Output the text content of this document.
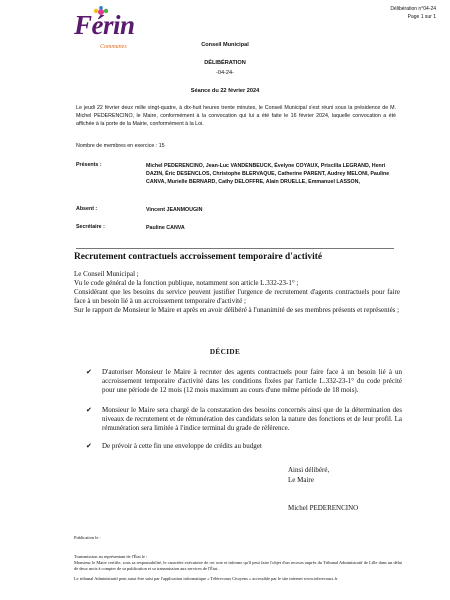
Férin
Communes
Délibération n°04-24
Page 1 sur 1
Conseil Municipal
DÉLIBÉRATION
-04-24-
Séance du 22 février 2024
Le jeudi 22 février deux mille vingt-quatre, à dix-huit heures trente minutes, le Conseil Municipal s'est réuni sous la présidence de M. Michel PEDERENCINO, le Maire, conformément à la convocation qui lui a été faite le 16 février 2024, laquelle convocation a été affichée à la porte de la Mairie, conformément à la Loi.
Nombre de membres en exercice : 15
Présents :	Michel PEDERENCINO, Jean-Luc VANDENBEUCK, Évelyne COYAUX, Priscilla LEGRAND, Henri DAZIN, Éric DESENCLOS, Christophe BLERVAQUE, Catherine PARENT, Audrey MELONI, Pauline CANVA, Murielle BERNARD, Cathy DELOFFRE, Alain DRUELLE, Emmanuel LASSON,
Absent :	Vincent JEANMOUGIN
Secrétaire :	Pauline CANVA
Recrutement contractuels accroissement temporaire d'activité
Le Conseil Municipal ;
Vu le code général de la fonction publique, notamment son article L.332-23-1° ;
Considérant que les besoins du service peuvent justifier l'urgence de recrutement d'agents contractuels pour faire face à un besoin lié à un accroissement temporaire d'activité ;
Sur le rapport de Monsieur le Maire et après en avoir délibéré à l'unanimité de ses membres présents et représentés ;
DÉCIDE
✔	D'autoriser Monsieur le Maire à recruter des agents contractuels pour faire face à un besoin lié à un accroissement temporaire d'activité dans les conditions fixées par l'article L.332-23-1° du code précité pour une période de 12 mois (12 mois maximum au cours d'une même période de 18 mois).
✔	Monsieur le Maire sera chargé de la constatation des besoins concernés ainsi que de la détermination des niveaux de recrutement et de rémunération des candidats selon la nature des fonctions et de leur profil. La rémunération sera limitée à l'indice terminal du grade de référence.
✔	De prévoir à cette fin une enveloppe de crédits au budget
Ainsi délibéré,
Le Maire
Michel PEDERENCINO
Publication le :
Transmission au représentant de l'État le :
Monsieur le Maire certifie, sous sa responsabilité, le caractère exécutoire de cet acte et informe qu'il peut faire l'objet d'un recours auprès du Tribunal Administratif de Lille dans un délai de deux mois à compter de sa publication et sa transmission aux services de l'État.
Le tribunal Administratif peut aussi être saisi par l'application informatique « Télérecours Citoyens » accessible par le site internet www.telerecours.fr
